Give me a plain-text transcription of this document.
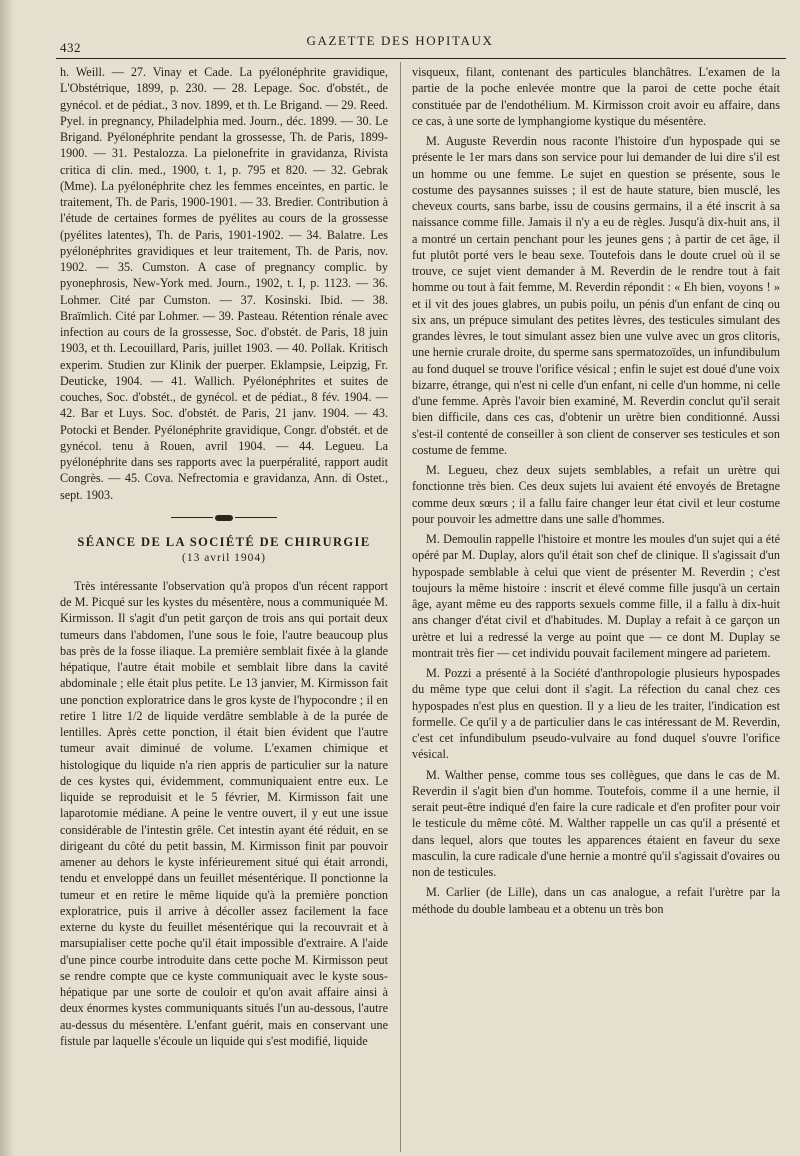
432	GAZETTE DES HOPITAUX

h. Weill. — 27. Vinay et Cade. La pyélonéphrite gravidique, L'Obstétrique, 1899, p. 230. — 28. Lepage. Soc. d'obstét., de gynécol. et de pédiat., 3 nov. 1899, et th. Le Brigand. — 29. Reed. Pyel. in pregnancy, Philadelphia med. Journ., déc. 1899. — 30. Le Brigand. Pyélonéphrite pendant la grossesse, Th. de Paris, 1899-1900. — 31. Pestalozza. La pielonefrite in gravidanza, Rivista critica di clin. med., 1900, t. 1, p. 795 et 820. — 32. Gebrak (Mme). La pyélonéphrite chez les femmes enceintes, en partic. le traitement, Th. de Paris, 1900-1901. — 33. Bredier. Contribution à l'étude de certaines formes de pyélites au cours de la grossesse (pyélites latentes), Th. de Paris, 1901-1902. — 34. Balatre. Les pyélonéphrites gravidiques et leur traitement, Th. de Paris, nov. 1902. — 35. Cumston. A case of pregnancy complic. by pyonephrosis, New-York med. Journ., 1902, t. I, p. 1123. — 36. Lohmer. Cité par Cumston. — 37. Kosinski. Ibid. — 38. Braïmlich. Cité par Lohmer. — 39. Pasteau. Rétention rénale avec infection au cours de la grossesse, Soc. d'obstét. de Paris, 18 juin 1903, et th. Lecouillard, Paris, juillet 1903. — 40. Pollak. Kritisch experim. Studien zur Klinik der puerper. Eklampsie, Leipzig, Fr. Deuticke, 1904. — 41. Wallich. Pyélonéphrites et suites de couches, Soc. d'obstét., de gynécol. et de pédiat., 8 fév. 1904. — 42. Bar et Luys. Soc. d'obstét. de Paris, 21 janv. 1904. — 43. Potocki et Bender. Pyélonéphrite gravidique, Congr. d'obstét. et de gynécol. tenu à Rouen, avril 1904. — 44. Legueu. La pyélonéphrite dans ses rapports avec la puerpéralité, rapport audit Congrès. — 45. Cova. Nefrectomia e gravidanza, Ann. di Ostet., sept. 1903.

SÉANCE DE LA SOCIÉTÉ DE CHIRURGIE
(13 avril 1904)

Très intéressante l'observation qu'à propos d'un récent rapport de M. Picqué sur les kystes du mésentère, nous a communiquée M. Kirmisson. Il s'agit d'un petit garçon de trois ans qui portait deux tumeurs dans l'abdomen, l'une sous le foie, l'autre beaucoup plus bas près de la fosse iliaque. La première semblait fixée à la glande hépatique, l'autre était mobile et semblait libre dans la cavité abdominale ; elle était plus petite. Le 13 janvier, M. Kirmisson fait une ponction exploratrice dans le gros kyste de l'hypocondre ; il en retire 1 litre 1/2 de liquide verdâtre semblable à de la purée de lentilles. Après cette ponction, il était bien évident que l'autre tumeur avait diminué de volume. L'examen chimique et histologique du liquide n'a rien appris de particulier sur la nature de ces kystes qui, évidemment, communiquaient entre eux. Le liquide se reproduisit et le 5 février, M. Kirmisson fait une laparotomie médiane. A peine le ventre ouvert, il y eut une issue considérable de l'intestin grêle. Cet intestin ayant été réduit, en se dirigeant du côté du petit bassin, M. Kirmisson finit par pouvoir amener au dehors le kyste inférieurement situé qui était arrondi, tendu et enveloppé dans un feuillet mésentérique. Il ponctionne la tumeur et en retire le même liquide qu'à la première ponction exploratrice, puis il arrive à décoller assez facilement la face externe du kyste du feuillet mésentérique qui la recouvrait et à marsupialiser cette poche qu'il était impossible d'extraire. A l'aide d'une pince courbe introduite dans cette poche M. Kirmisson peut se rendre compte que ce kyste communiquait avec le kyste sous-hépatique par une sorte de couloir et qu'on avait affaire ainsi à deux énormes kystes communiquants situés l'un au-dessous, l'autre au-dessus du mésentère. L'enfant guérit, mais en conservant une fistule par laquelle s'écoule un liquide qui s'est modifié, liquide

visqueux, filant, contenant des particules blanchâtres. L'examen de la partie de la poche enlevée montre que la paroi de cette poche était constituée par de l'endothélium. M. Kirmisson croit avoir eu affaire, dans ce cas, à une sorte de lymphangiome kystique du mésentère.

M. Auguste Reverdin nous raconte l'histoire d'un hypospade qui se présente le 1er mars dans son service pour lui demander de lui dire s'il est un homme ou une femme. Le sujet en question se présente, sous le costume des paysannes suisses ; il est de haute stature, bien musclé, les cheveux courts, sans barbe, issu de cousins germains, il a été inscrit à sa naissance comme fille. Jamais il n'y a eu de règles. Jusqu'à dix-huit ans, il a montré un certain penchant pour les jeunes gens ; à partir de cet âge, il fut plutôt porté vers le beau sexe. Toutefois dans le doute cruel où il se trouve, ce sujet vient demander à M. Reverdin de le rendre tout à fait homme ou tout à fait femme, M. Reverdin répondit : « Eh bien, voyons ! » et il vit des joues glabres, un pubis poilu, un pénis d'un enfant de cinq ou six ans, un prépuce simulant des petites lèvres, des testicules simulant des grandes lèvres, le tout simulant assez bien une vulve avec un gros clitoris, une hernie crurale droite, du sperme sans spermatozoïdes, un infundibulum au fond duquel se trouve l'orifice vésical ; enfin le sujet est doué d'une voix bizarre, étrange, qui n'est ni celle d'un enfant, ni celle d'un homme, ni celle d'une femme. Après l'avoir bien examiné, M. Reverdin conclut qu'il serait bien difficile, dans ces cas, d'obtenir un urètre bien conditionné. Aussi s'est-il contenté de conseiller à son client de conserver ses testicules et son costume de femme.

M. Legueu, chez deux sujets semblables, a refait un urètre qui fonctionne très bien. Ces deux sujets lui avaient été envoyés de Bretagne comme deux sœurs ; il a fallu faire changer leur état civil et leur costume pour pouvoir les admettre dans une salle d'hommes.

M. Demoulin rappelle l'histoire et montre les moules d'un sujet qui a été opéré par M. Duplay, alors qu'il était son chef de clinique. Il s'agissait d'un hypospade semblable à celui que vient de présenter M. Reverdin ; c'est toujours la même histoire : inscrit et élevé comme fille jusqu'à un certain âge, ayant même eu des rapports sexuels comme fille, il a fallu à dix-huit ans changer d'état civil et d'habitudes. M. Duplay a refait à ce garçon un urètre et lui a redressé la verge au point que — ce dont M. Duplay se montrait très fier — cet individu pouvait facilement mingere ad parietem.

M. Pozzi a présenté à la Société d'anthropologie plusieurs hypospades du même type que celui dont il s'agit. La réfection du canal chez ces hypospades n'est plus en question. Il y a lieu de les traiter, l'indication est formelle. Ce qu'il y a de particulier dans le cas intéressant de M. Reverdin, c'est cet infundibulum pseudo-vulvaire au fond duquel s'ouvre l'orifice vésical.

M. Walther pense, comme tous ses collègues, que dans le cas de M. Reverdin il s'agit bien d'un homme. Toutefois, comme il a une hernie, il serait peut-être indiqué d'en faire la cure radicale et d'en profiter pour voir le testicule du même côté. M. Walther rappelle un cas qu'il a présenté et dans lequel, alors que toutes les apparences étaient en faveur du sexe masculin, la cure radicale d'une hernie a montré qu'il s'agissait d'ovaires ou non de testicules.

M. Carlier (de Lille), dans un cas analogue, a refait l'urètre par la méthode du double lambeau et a obtenu un très bon
